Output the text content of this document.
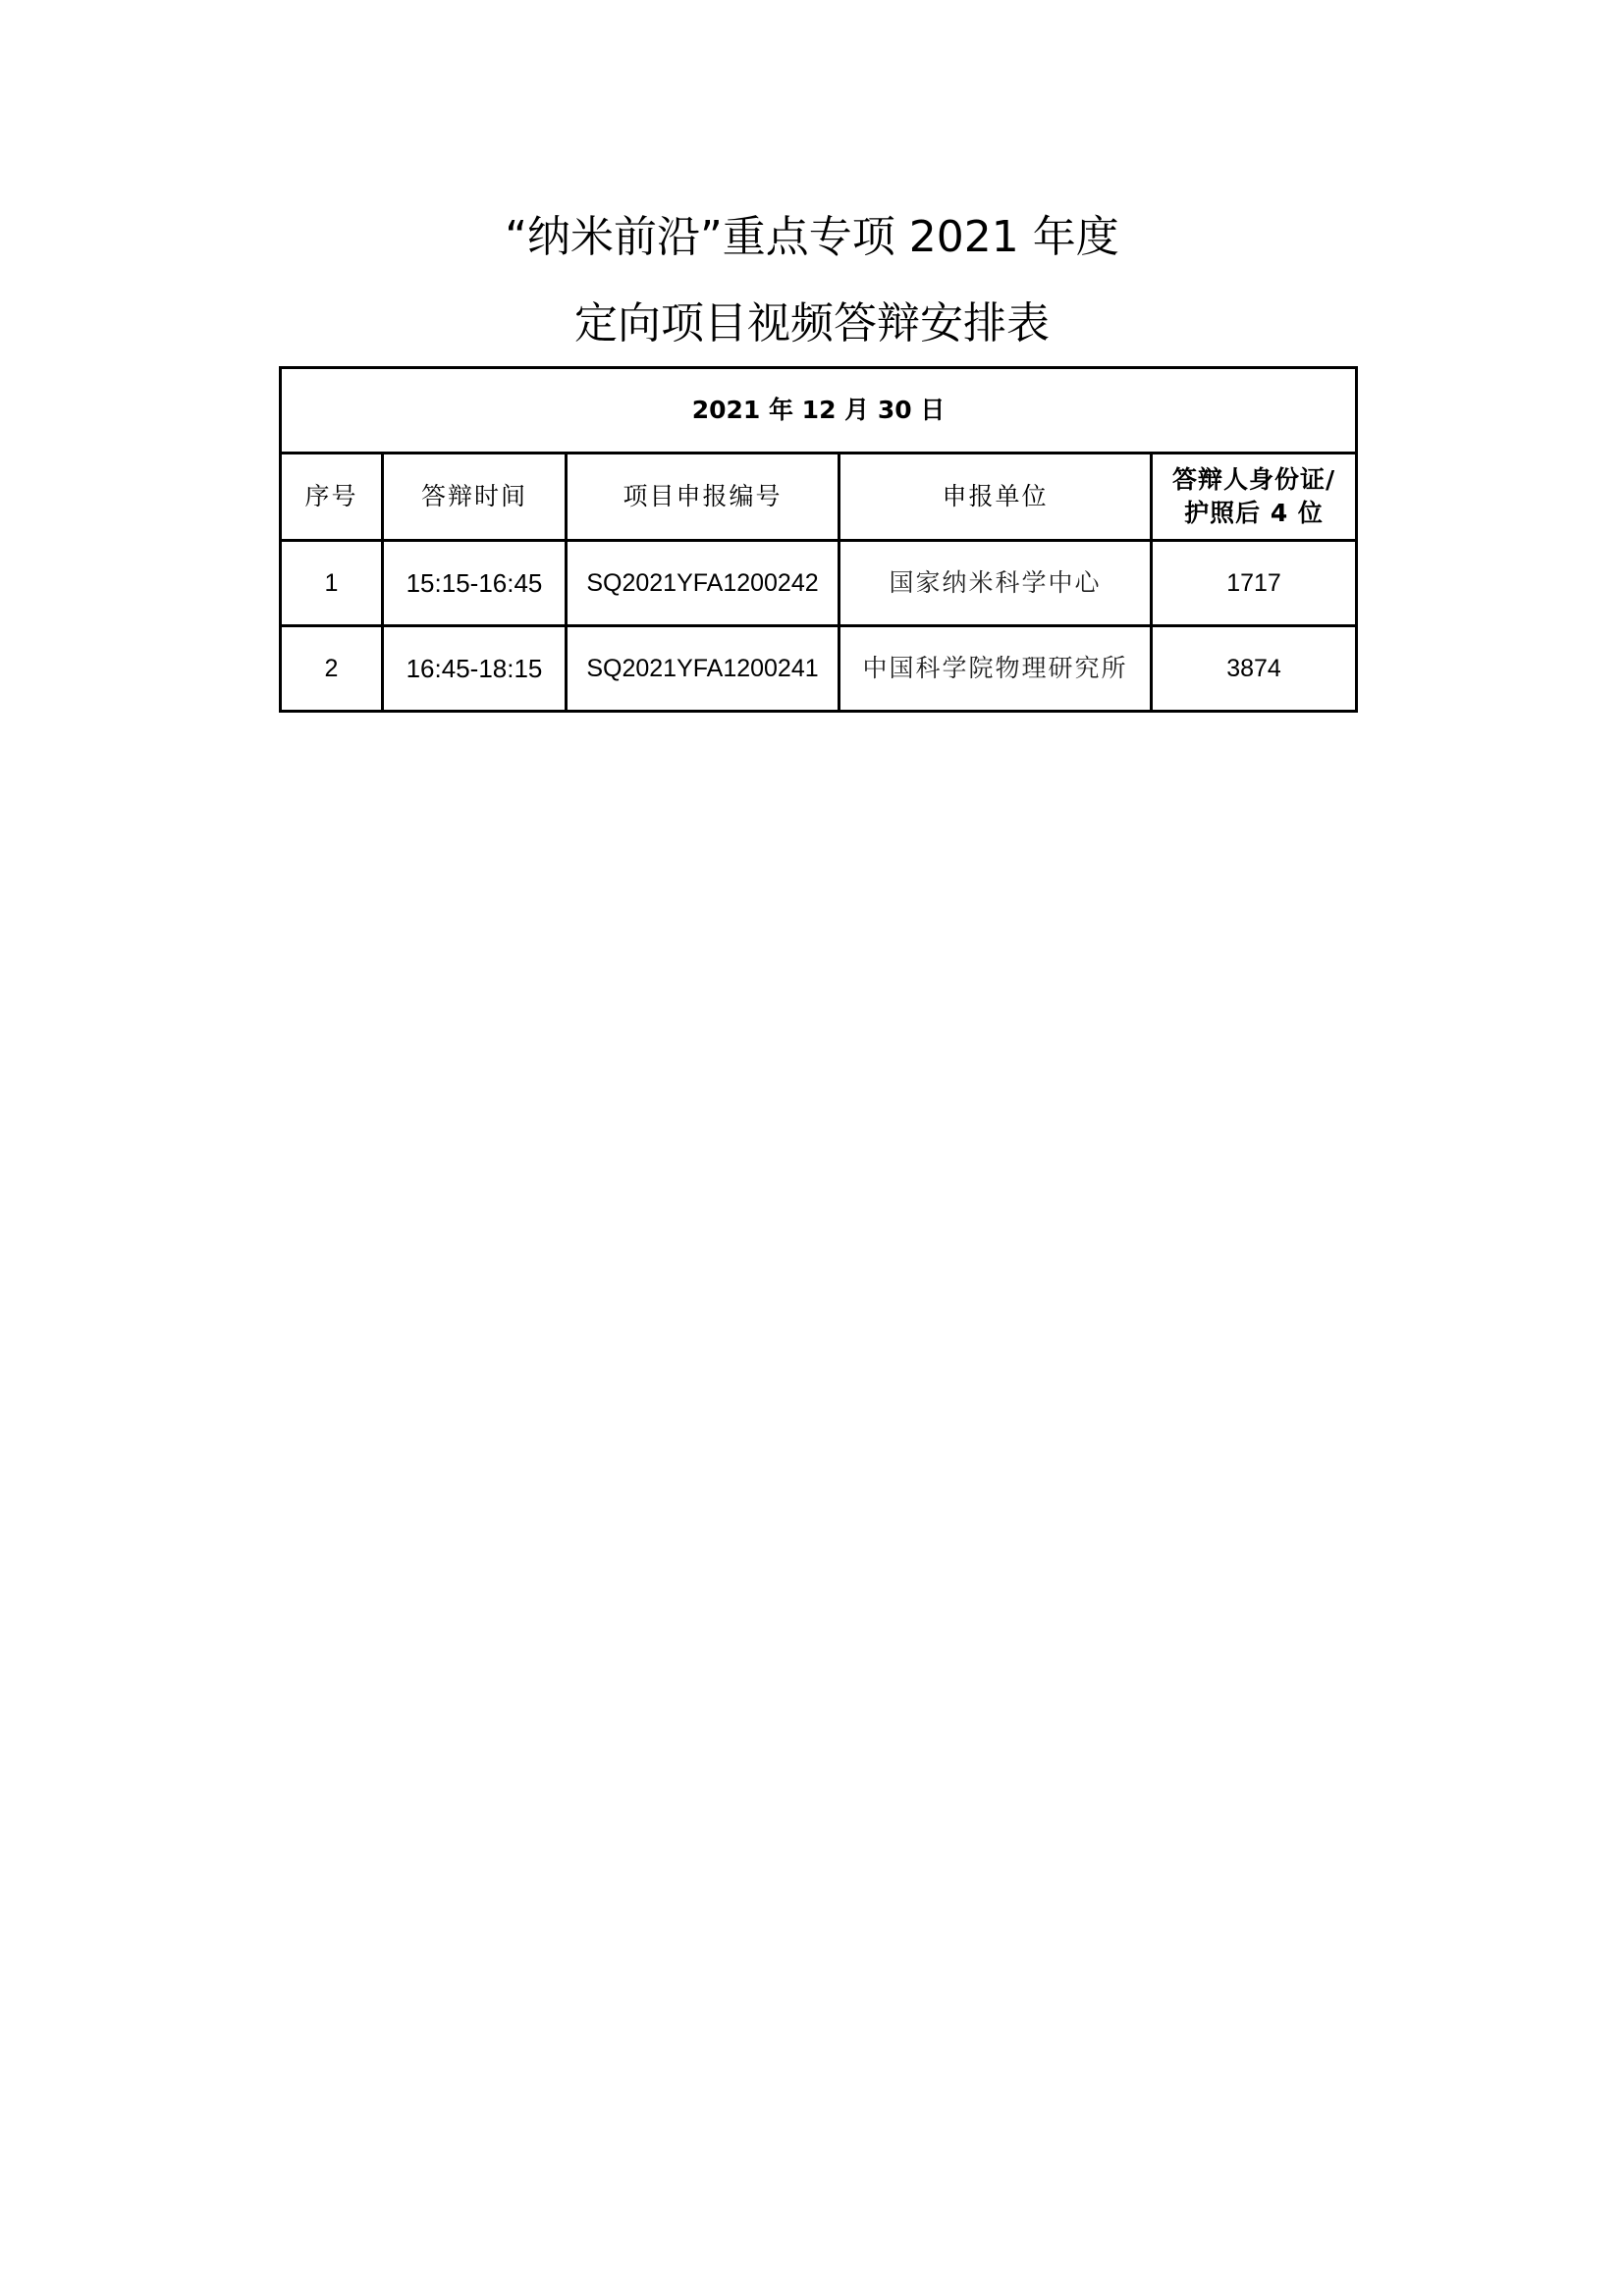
“纳米前沿”重点专项 2021 年度
定向项目视频答辩安排表
2021 年 12 月 30 日				
序号	答辩时间	项目申报编号	申报单位	答辩人身份证/
护照后 4 位
1	15:15-16:45	SQ2021YFA1200242	国家纳米科学中心	1717
2	16:45-18:15	SQ2021YFA1200241	中国科学院物理研究所	3874
